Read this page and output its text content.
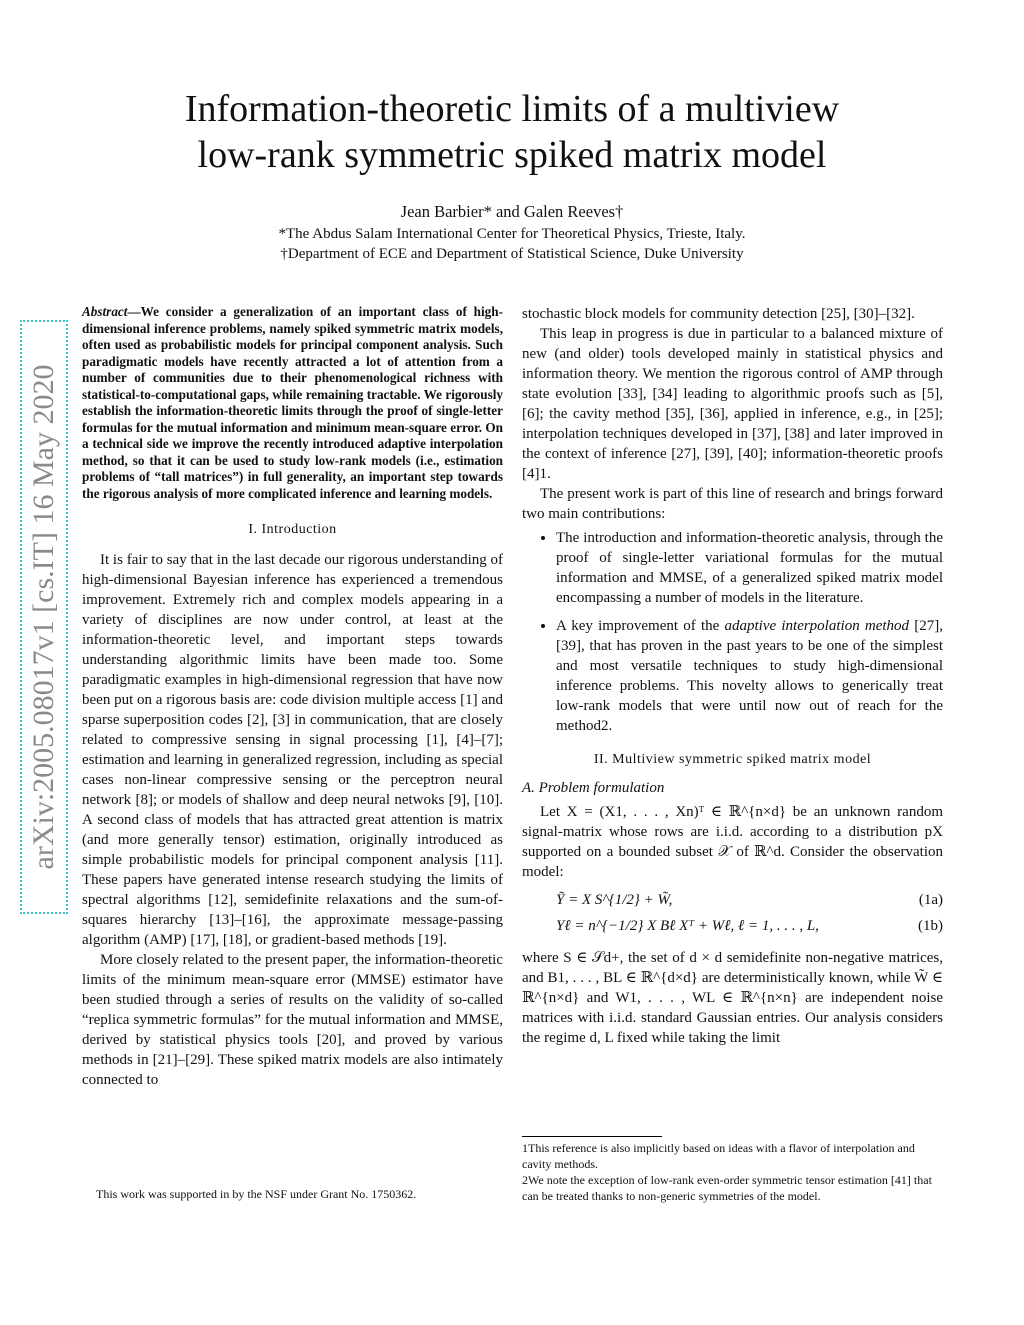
Information-theoretic limits of a multiview
low-rank symmetric spiked matrix model
Jean Barbier* and Galen Reeves†
*The Abdus Salam International Center for Theoretical Physics, Trieste, Italy.
†Department of ECE and Department of Statistical Science, Duke University
arXiv:2005.08017v1 [cs.IT] 16 May 2020
Abstract—We consider a generalization of an important class of high-dimensional inference problems, namely spiked symmetric matrix models, often used as probabilistic models for principal component analysis. Such paradigmatic models have recently attracted a lot of attention from a number of communities due to their phenomenological richness with statistical-to-computational gaps, while remaining tractable. We rigorously establish the information-theoretic limits through the proof of single-letter formulas for the mutual information and minimum mean-square error. On a technical side we improve the recently introduced adaptive interpolation method, so that it can be used to study low-rank models (i.e., estimation problems of “tall matrices”) in full generality, an important step towards the rigorous analysis of more complicated inference and learning models.

I. Introduction

It is fair to say that in the last decade our rigorous understanding of high-dimensional Bayesian inference has experienced a tremendous improvement. Extremely rich and complex models appearing in a variety of disciplines are now under control, at least at the information-theoretic level, and important steps towards understanding algorithmic limits have been made too. Some paradigmatic examples in high-dimensional regression that have now been put on a rigorous basis are: code division multiple access [1] and sparse superposition codes [2], [3] in communication, that are closely related to compressive sensing in signal processing [1], [4]–[7]; estimation and learning in generalized regression, including as special cases non-linear compressive sensing or the perceptron neural network [8]; or models of shallow and deep neural netwoks [9], [10]. A second class of models that has attracted great attention is matrix (and more generally tensor) estimation, originally introduced as simple probabilistic models for principal component analysis [11]. These papers have generated intense research studying the limits of spectral algorithms [12], semidefinite relaxations and the sum-of-squares hierarchy [13]–[16], the approximate message-passing algorithm (AMP) [17], [18], or gradient-based methods [19].

More closely related to the present paper, the information-theoretic limits of the minimum mean-square error (MMSE) estimator have been studied through a series of results on the validity of so-called “replica symmetric formulas” for the mutual information and MMSE, derived by statistical physics tools [20], and proved by various methods in [21]–[29]. These spiked matrix models are also intimately connected to

This work was supported in by the NSF under Grant No. 1750362.

stochastic block models for community detection [25], [30]–[32].

This leap in progress is due in particular to a balanced mixture of new (and older) tools developed mainly in statistical physics and information theory. We mention the rigorous control of AMP through state evolution [33], [34] leading to algorithmic proofs such as [5], [6]; the cavity method [35], [36], applied in inference, e.g., in [25]; interpolation techniques developed in [37], [38] and later improved in the context of inference [27], [39], [40]; information-theoretic proofs [4]1.

The present work is part of this line of research and brings forward two main contributions:

• The introduction and information-theoretic analysis, through the proof of single-letter variational formulas for the mutual information and MMSE, of a generalized spiked matrix model encompassing a number of models in the literature.
• A key improvement of the adaptive interpolation method [27], [39], that has proven in the past years to be one of the simplest and most versatile techniques to study high-dimensional inference problems. This novelty allows to generically treat low-rank models that were until now out of reach for the method2.

II. Multiview symmetric spiked matrix model

A. Problem formulation

Let X = (X1, . . . , Xn)ᵀ ∈ ℝ^{n×d} be an unknown random signal-matrix whose rows are i.i.d. according to a distribution pX supported on a bounded subset 𝒳 of ℝ^d. Consider the observation model:

Ỹ = X S^{1/2} + W̃,	(1a)
Yℓ = n^{−1/2} X Bℓ Xᵀ + Wℓ, ℓ = 1, . . . , L,	(1b)

where S ∈ 𝒮d+, the set of d × d semidefinite non-negative matrices, and B1, . . . , BL ∈ ℝ^{d×d} are deterministically known, while W̃ ∈ ℝ^{n×d} and W1, . . . , WL ∈ ℝ^{n×n} are independent noise matrices with i.i.d. standard Gaussian entries. Our analysis considers the regime d, L fixed while taking the limit

1This reference is also implicitly based on ideas with a flavor of interpolation and cavity methods.
2We note the exception of low-rank even-order symmetric tensor estimation [41] that can be treated thanks to non-generic symmetries of the model.
